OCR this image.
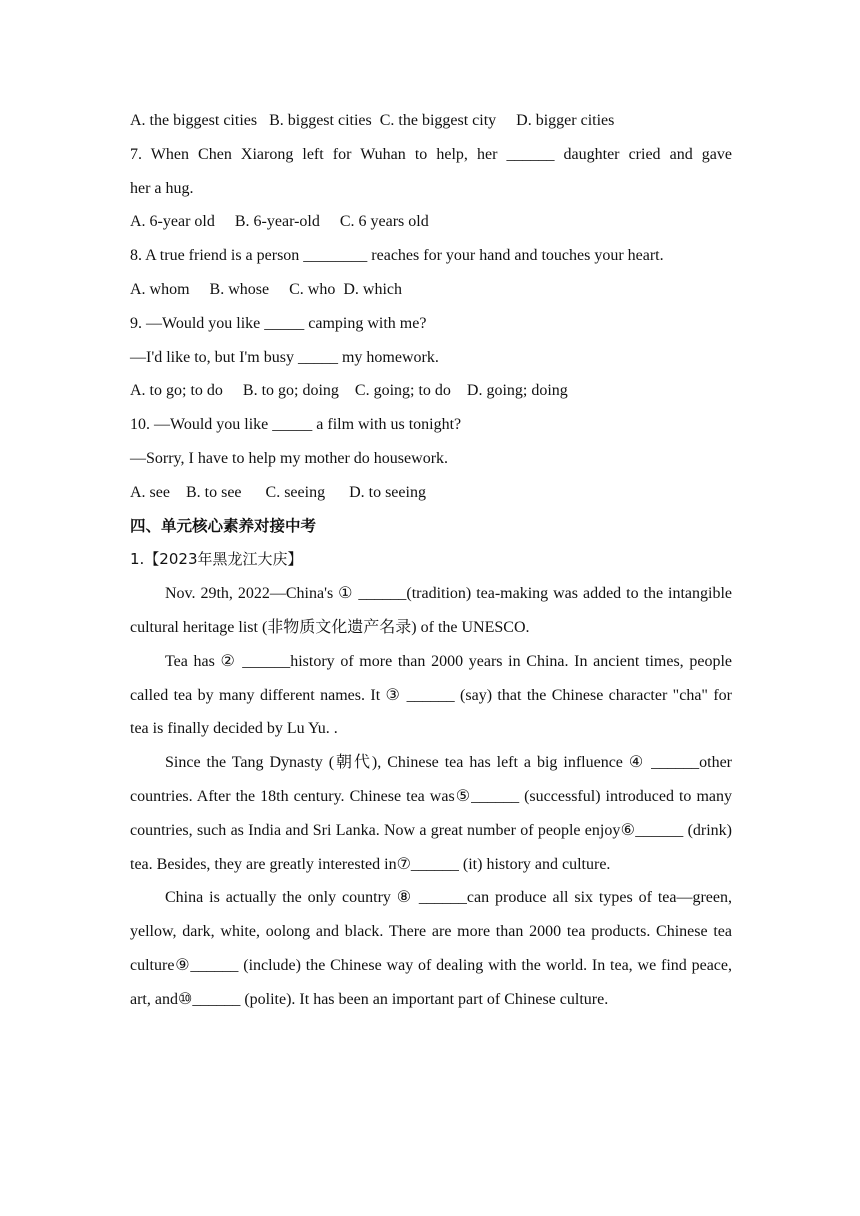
A. the biggest cities   B. biggest cities  C. the biggest city     D. bigger cities
7. When Chen Xiarong left for Wuhan to help, her ______ daughter cried and gave
her a hug.
A. 6-year old     B. 6-year-old     C. 6 years old
8. A true friend is a person ________ reaches for your hand and touches your heart.
A. whom     B. whose     C. who  D. which
9. —Would you like _____ camping with me?
—I'd like to, but I'm busy _____ my homework.
A. to go; to do     B. to go; doing    C. going; to do    D. going; doing
10. —Would you like _____ a film with us tonight?
—Sorry, I have to help my mother do housework.
A. see    B. to see      C. seeing      D. to seeing
四、单元核心素养对接中考
1.【2023年黑龙江大庆】
Nov. 29th, 2022—China's ① ______(tradition) tea-making was added to the intangible cultural heritage list (非物质文化遗产名录) of the UNESCO.
Tea has ② ______history of more than 2000 years in China. In ancient times, people called tea by many different names. It ③ ______ (say) that the Chinese character "cha" for tea is finally decided by Lu Yu. .
Since the Tang Dynasty (朝代), Chinese tea has left a big influence ④ ______other countries. After the 18th century. Chinese tea was⑤______ (successful) introduced to many countries, such as India and Sri Lanka. Now a great number of people enjoy⑥______ (drink) tea. Besides, they are greatly interested in⑦______ (it) history and culture.
China is actually the only country ⑧ ______can produce all six types of tea—green, yellow, dark, white, oolong and black. There are more than 2000 tea products. Chinese tea culture⑨______ (include) the Chinese way of dealing with the world. In tea, we find peace, art, and⑩______ (polite). It has been an important part of Chinese culture.
